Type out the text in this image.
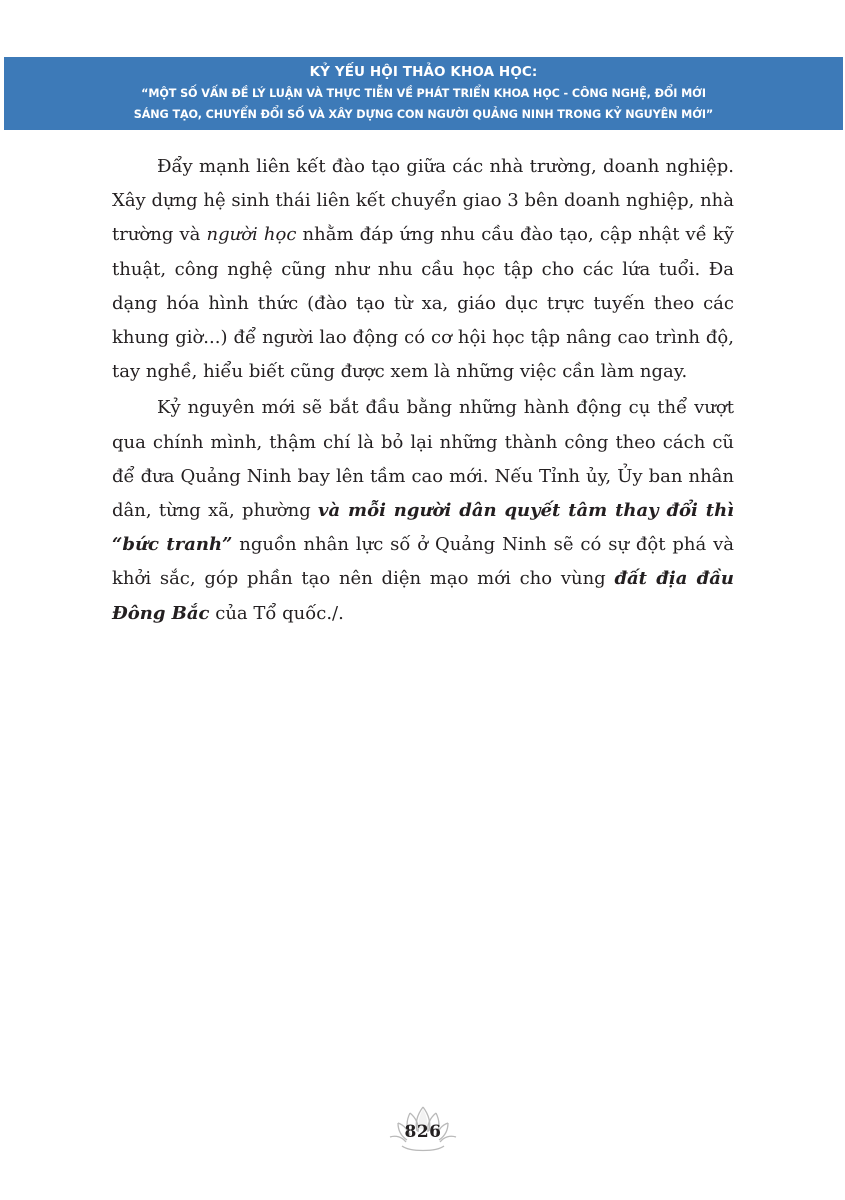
KỶ YẾU HỘI THẢO KHOA HỌC:
“MỘT SỐ VẤN ĐỀ LÝ LUẬN VÀ THỰC TIỄN VỀ PHÁT TRIỂN KHOA HỌC - CÔNG NGHỆ, ĐỔI MỚI
SÁNG TẠO, CHUYỂN ĐỔI SỐ VÀ XÂY DỰNG CON NGƯỜI QUẢNG NINH TRONG KỶ NGUYÊN MỚI”

Đẩy mạnh liên kết đào tạo giữa các nhà trường, doanh nghiệp. Xây dựng hệ sinh thái liên kết chuyển giao 3 bên doanh nghiệp, nhà trường và người học nhằm đáp ứng nhu cầu đào tạo, cập nhật về kỹ thuật, công nghệ cũng như nhu cầu học tập cho các lứa tuổi. Đa dạng hóa hình thức (đào tạo từ xa, giáo dục trực tuyến theo các khung giờ...) để người lao động có cơ hội học tập nâng cao trình độ, tay nghề, hiểu biết cũng được xem là những việc cần làm ngay.

Kỷ nguyên mới sẽ bắt đầu bằng những hành động cụ thể vượt qua chính mình, thậm chí là bỏ lại những thành công theo cách cũ để đưa Quảng Ninh bay lên tầm cao mới. Nếu Tỉnh ủy, Ủy ban nhân dân, từng xã, phường và mỗi người dân quyết tâm thay đổi thì “bức tranh” nguồn nhân lực số ở Quảng Ninh sẽ có sự đột phá và khởi sắc, góp phần tạo nên diện mạo mới cho vùng đất địa đầu Đông Bắc của Tổ quốc./.

826
